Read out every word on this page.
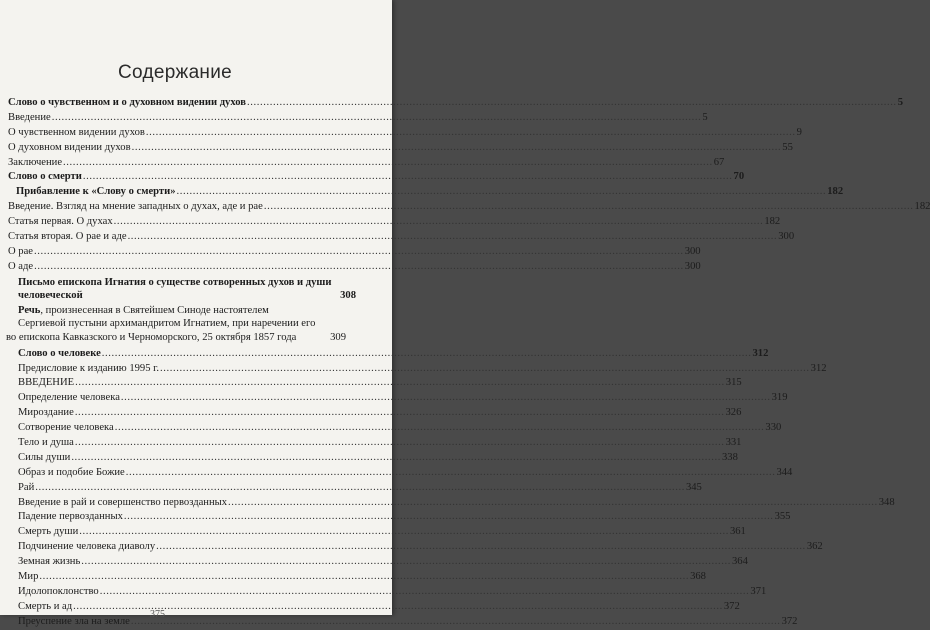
Содержание
Слово о чувственном и о духовном видении духов .....	5
Введение .....	5
О чувственном видении духов .....	9
О духовном видении духов .....	55
Заключение .....	67
Слово о смерти .....	70
Прибавление к «Слову о смерти» .....	182
Введение. Взгляд на мнение западных о духах, аде и рае .....	182
Статья первая. О духах .....	182
Статья вторая. О рае и аде .....	300
О рае .....	300
О аде .....	300
Письмо епископа Игнатия о существе сотворенных духов и души
человеческой	308
Речь, произнесенная в Святейшем Синоде настоятелем
Сергиевой пустыни архимандритом Игнатием, при наречении его
во епископа Кавказского и Черноморского, 25 октября 1857 года	309
Слово о человеке .....	312
Предисловие к изданию 1995 г. .....	312
ВВЕДЕНИЕ .....	315
Определение человека .....	319
Мироздание .....	326
Сотворение человека .....	330
Тело и душа .....	331
Силы души .....	338
Образ и подобие Божие .....	344
Рай .....	345
Введение в рай и совершенство первозданных .....	348
Падение первозданных .....	355
Смерть души .....	361
Подчинение человека диаволу .....	362
Земная жизнь .....	364
Мир .....	368
Идолопоклонство .....	371
Смерть и ад .....	372
Преуспение зла на земле .....	372
375
